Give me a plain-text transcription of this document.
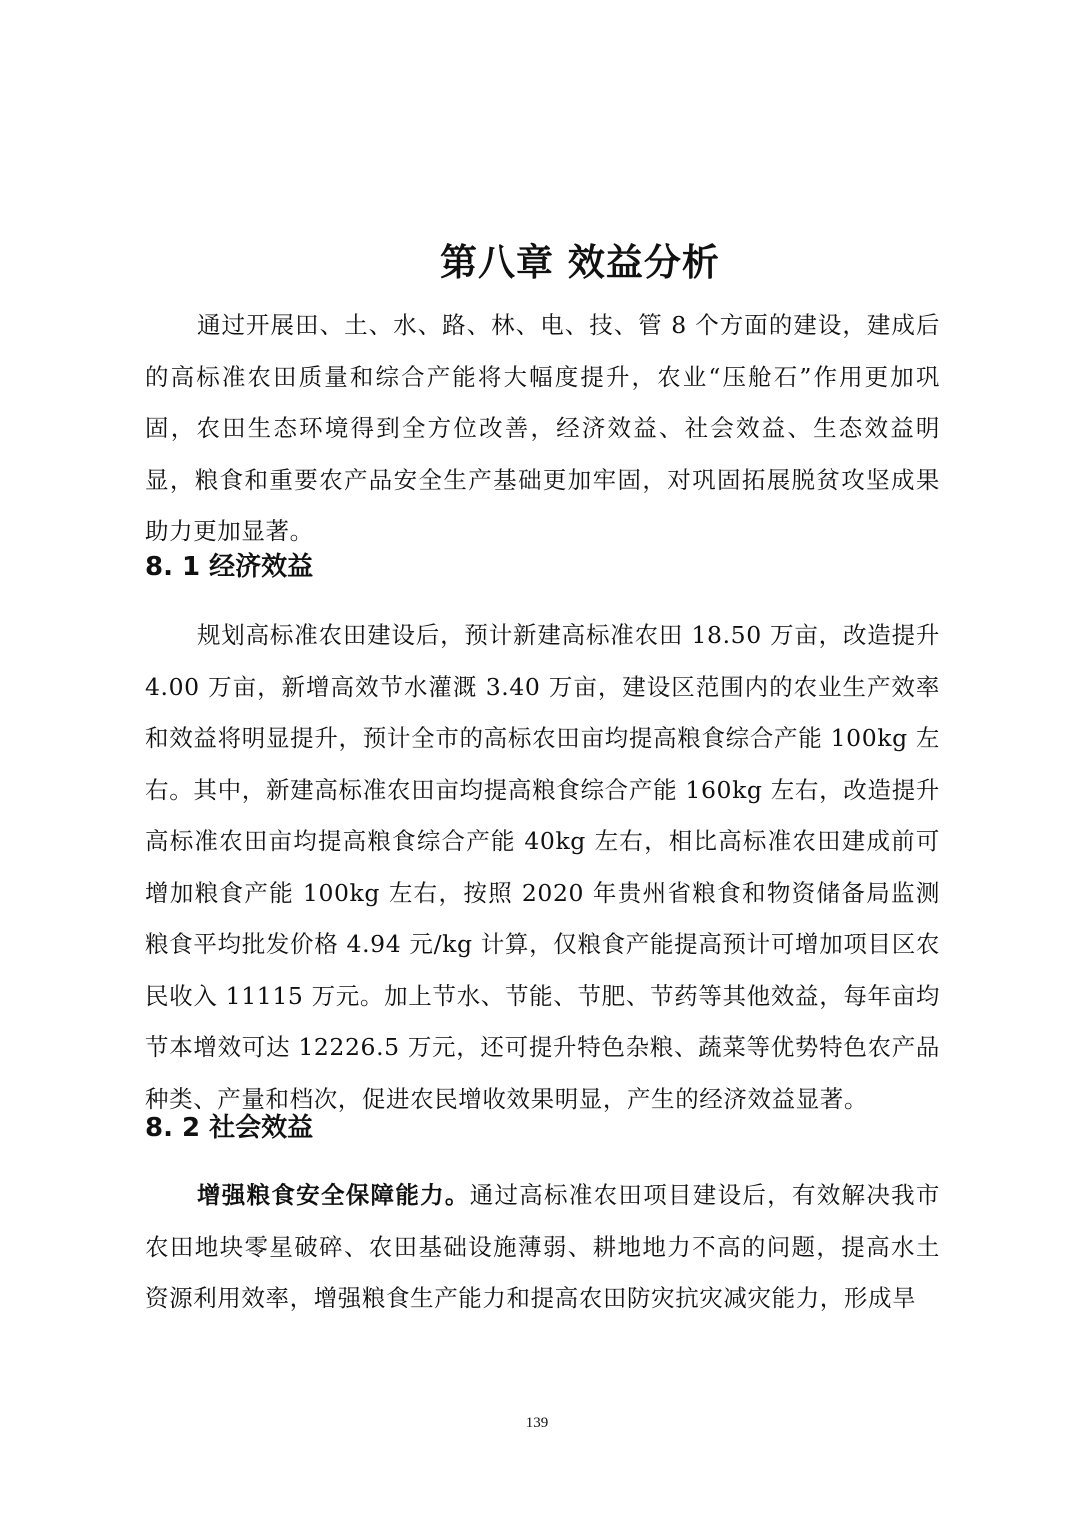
第八章 效益分析

通过开展田、土、水、路、林、电、技、管 8 个方面的建设，建成后的高标准农田质量和综合产能将大幅度提升，农业“压舱石”作用更加巩固，农田生态环境得到全方位改善，经济效益、社会效益、生态效益明显，粮食和重要农产品安全生产基础更加牢固，对巩固拓展脱贫攻坚成果助力更加显著。

8. 1 经济效益

规划高标准农田建设后，预计新建高标准农田 18.50 万亩，改造提升 4.00 万亩，新增高效节水灌溉 3.40 万亩，建设区范围内的农业生产效率和效益将明显提升，预计全市的高标农田亩均提高粮食综合产能 100kg 左右。其中，新建高标准农田亩均提高粮食综合产能 160kg 左右，改造提升高标准农田亩均提高粮食综合产能 40kg 左右，相比高标准农田建成前可增加粮食产能 100kg 左右，按照 2020 年贵州省粮食和物资储备局监测粮食平均批发价格 4.94 元/kg 计算，仅粮食产能提高预计可增加项目区农民收入 11115 万元。加上节水、节能、节肥、节药等其他效益，每年亩均节本增效可达 12226.5 万元，还可提升特色杂粮、蔬菜等优势特色农产品种类、产量和档次，促进农民增收效果明显，产生的经济效益显著。

8. 2 社会效益

增强粮食安全保障能力。通过高标准农田项目建设后，有效解决我市农田地块零星破碎、农田基础设施薄弱、耕地地力不高的问题，提高水土资源利用效率，增强粮食生产能力和提高农田防灾抗灾减灾能力，形成旱

139
